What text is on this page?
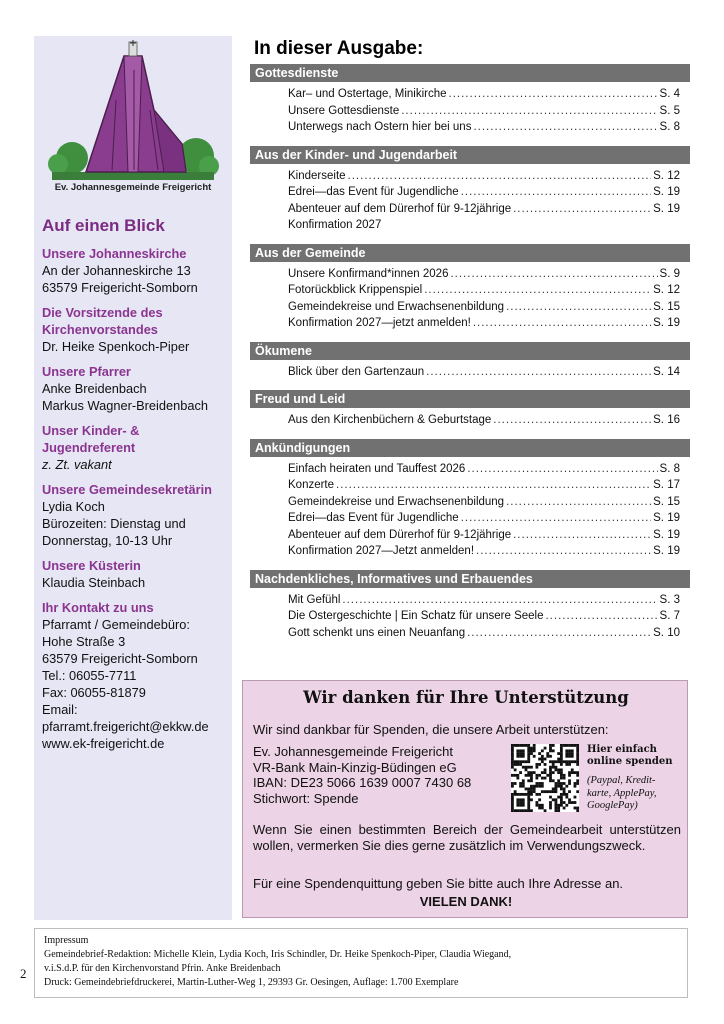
Ev. Johannesgemeinde Freigericht
Auf einen Blick
Unsere Johanneskirche
An der Johanneskirche 13
63579 Freigericht-Somborn
Die Vorsitzende des
Kirchenvorstandes
Dr. Heike Spenkoch-Piper
Unsere Pfarrer
Anke Breidenbach
Markus Wagner-Breidenbach
Unser Kinder- &
Jugendreferent
z. Zt. vakant
Unsere Gemeindesekretärin
Lydia Koch
Bürozeiten: Dienstag und
Donnerstag, 10-13 Uhr
Unsere Küsterin
Klaudia Steinbach
Ihr Kontakt zu uns
Pfarramt / Gemeindebüro:
Hohe Straße 3
63579 Freigericht-Somborn
Tel.: 06055-7711
Fax: 06055-81879
Email:
pfarramt.freigericht@ekkw.de
www.ek-freigericht.de
In dieser Ausgabe:
Gottesdienste
Kar– und Ostertage, Minikirche .....	S. 4
Unsere Gottesdienste .....	S. 5
Unterwegs nach Ostern hier bei uns .....	S. 8
Aus der Kinder- und Jugendarbeit
Kinderseite .....	S. 12
Edrei—das Event für Jugendliche .....	S. 19
Abenteuer auf dem Dürerhof für 9-12jährige .....	S. 19
Konfirmation 2027
Aus der Gemeinde
Unsere Konfirmand*innen 2026 .....	S. 9
Fotorückblick Krippenspiel .....	S. 12
Gemeindekreise und Erwachsenenbildung .....	S. 15
Konfirmation 2027—jetzt anmelden! .....	S. 19
Ökumene
Blick über den Gartenzaun .....	S. 14
Freud und Leid
Aus den Kirchenbüchern & Geburtstage .....	S. 16
Ankündigungen
Einfach heiraten und Tauffest 2026 .....	S. 8
Konzerte .....	S. 17
Gemeindekreise und Erwachsenenbildung .....	S. 15
Edrei—das Event für Jugendliche .....	S. 19
Abenteuer auf dem Dürerhof für 9-12jährige .....	S. 19
Konfirmation 2027—Jetzt anmelden! .....	S. 19
Nachdenkliches, Informatives und Erbauendes
Mit Gefühl .....	S. 3
Die Ostergeschichte | Ein Schatz für unsere Seele .....	S. 7
Gott schenkt uns einen Neuanfang .....	S. 10
Wir danken für Ihre Unterstützung
Wir sind dankbar für Spenden, die unsere Arbeit unterstützen:
Ev. Johannesgemeinde Freigericht
VR-Bank Main-Kinzig-Büdingen eG
IBAN: DE23 5066 1639 0007 7430 68
Stichwort: Spende
Hier einfach
online spenden
(Paypal, Kredit-
karte, ApplePay,
GooglePay)
Wenn Sie einen bestimmten Bereich der Gemeindearbeit unterstützen wollen, vermerken Sie dies gerne zusätzlich im Verwendungszweck.
Für eine Spendenquittung geben Sie bitte auch Ihre Adresse an.
VIELEN DANK!
Impressum
Gemeindebrief-Redaktion: Michelle Klein, Lydia Koch, Iris Schindler, Dr. Heike Spenkoch-Piper, Claudia Wiegand,
v.i.S.d.P. für den Kirchenvorstand Pfrin. Anke Breidenbach
Druck: Gemeindebriefdruckerei, Martin-Luther-Weg 1, 29393 Gr. Oesingen, Auflage: 1.700 Exemplare
2
